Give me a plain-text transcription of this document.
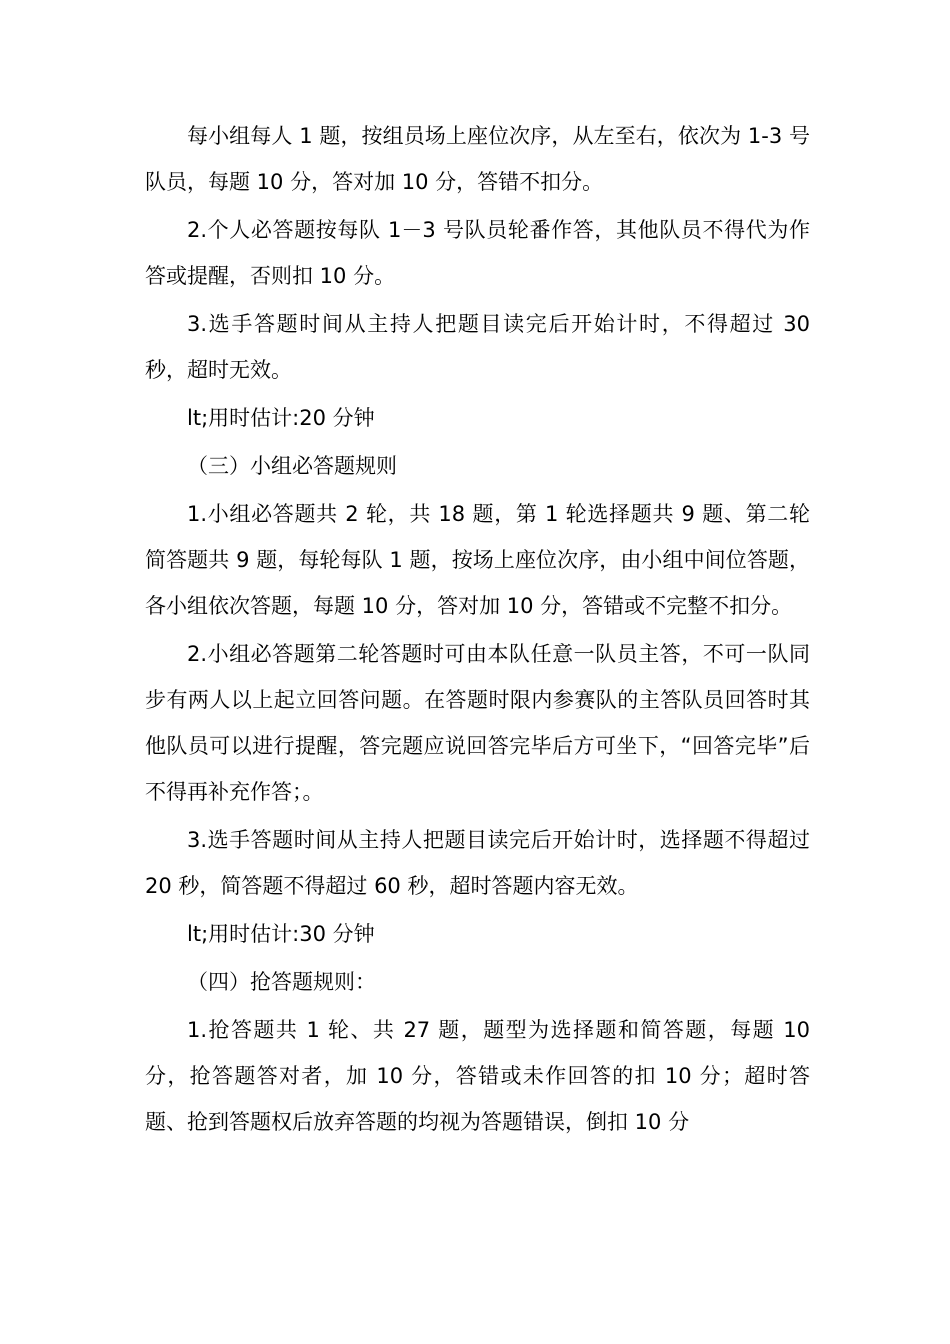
每小组每人 1 题，按组员场上座位次序，从左至右，依次为 1-3 号队员，每题 10 分，答对加 10 分，答错不扣分。

2.个人必答题按每队 1－3 号队员轮番作答，其他队员不得代为作答或提醒，否则扣 10 分。

3.选手答题时间从主持人把题目读完后开始计时，不得超过 30 秒，超时无效。

lt;用时估计:20 分钟

（三）小组必答题规则

1.小组必答题共 2 轮，共 18 题，第 1 轮选择题共 9 题、第二轮简答题共 9 题，每轮每队 1 题，按场上座位次序，由小组中间位答题，各小组依次答题，每题 10 分，答对加 10 分，答错或不完整不扣分。

2.小组必答题第二轮答题时可由本队任意一队员主答，不可一队同步有两人以上起立回答问题。在答题时限内参赛队的主答队员回答时其他队员可以进行提醒，答完题应说回答完毕后方可坐下，“回答完毕”后不得再补充作答；。

3.选手答题时间从主持人把题目读完后开始计时，选择题不得超过 20 秒，简答题不得超过 60 秒，超时答题内容无效。

lt;用时估计:30 分钟

（四）抢答题规则：

1.抢答题共 1 轮、共 27 题，题型为选择题和简答题，每题 10 分，抢答题答对者，加 10 分，答错或未作回答的扣 10 分；超时答题、抢到答题权后放弃答题的均视为答题错误，倒扣 10 分
